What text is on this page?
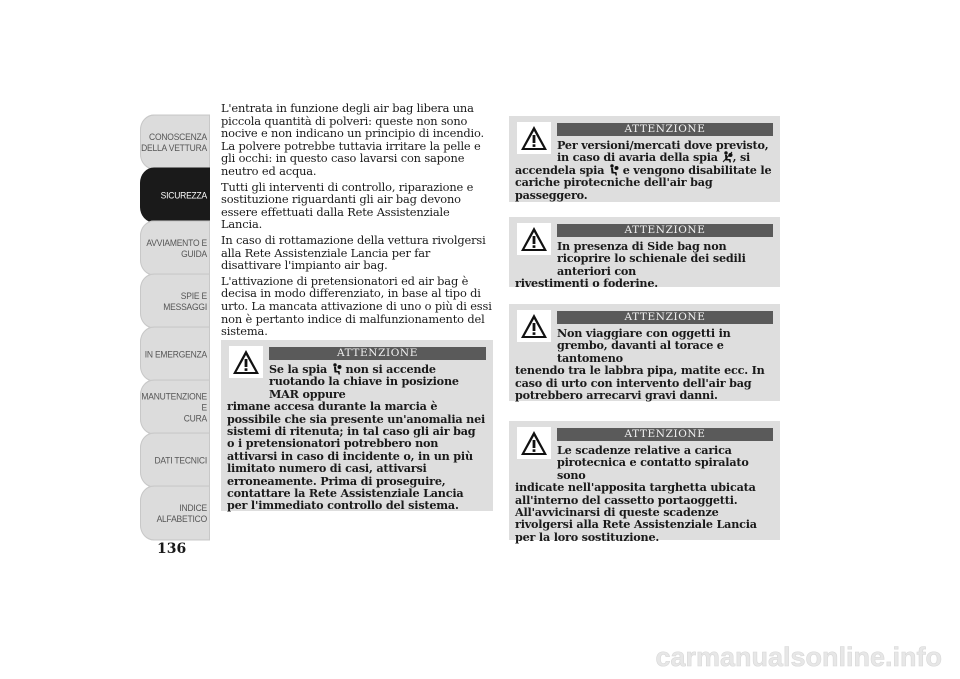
CONOSCENZA
DELLA VETTURA
SICUREZZA
AVVIAMENTO E
GUIDA
SPIE E MESSAGGI
IN EMERGENZA
MANUTENZIONE E
CURA
DATI TECNICI
INDICE
ALFABETICO
136

L'entrata in funzione degli air bag libera una piccola quantità di polveri: queste non sono nocive e non indicano un principio di incendio. La polvere potrebbe tuttavia irritare la pelle e gli occhi: in questo caso lavarsi con sapone neutro ed acqua.

Tutti gli interventi di controllo, riparazione e sostituzione riguardanti gli air bag devono essere effettuati dalla Rete Assistenziale Lancia.

In caso di rottamazione della vettura rivolgersi alla Rete Assistenziale Lancia per far disattivare l'impianto air bag.

L'attivazione di pretensionatori ed air bag è decisa in modo differenziato, in base al tipo di urto. La mancata attivazione di uno o più di essi non è pertanto indice di malfunzionamento del sistema.

ATTENZIONE
Se la spia non si accende ruotando la chiave in posizione MAR oppure
rimane accesa durante la marcia è possibile che sia presente un'anomalia nei sistemi di ritenuta; in tal caso gli air bag o i pretensionatori potrebbero non attivarsi in caso di incidente o, in un più limitato numero di casi, attivarsi erroneamente. Prima di proseguire, contattare la Rete Assistenziale Lancia per l'immediato controllo del sistema.
ATTENZIONE
Per versioni/mercati dove previsto, in caso di avaria della spia , si
accendela spia e vengono disabilitate le cariche pirotecniche dell'air bag passeggero.
ATTENZIONE
In presenza di Side bag non ricoprire lo schienale dei sedili anteriori con
rivestimenti o foderine.
ATTENZIONE
Non viaggiare con oggetti in grembo, davanti al torace e tantomeno
tenendo tra le labbra pipa, matite ecc. In caso di urto con intervento dell'air bag potrebbero arrecarvi gravi danni.
ATTENZIONE
Le scadenze relative a carica pirotecnica e contatto spiralato sono
indicate nell'apposita targhetta ubicata all'interno del cassetto portaoggetti. All'avvicinarsi di queste scadenze rivolgersi alla Rete Assistenziale Lancia per la loro sostituzione.
carmanualsonline.info
